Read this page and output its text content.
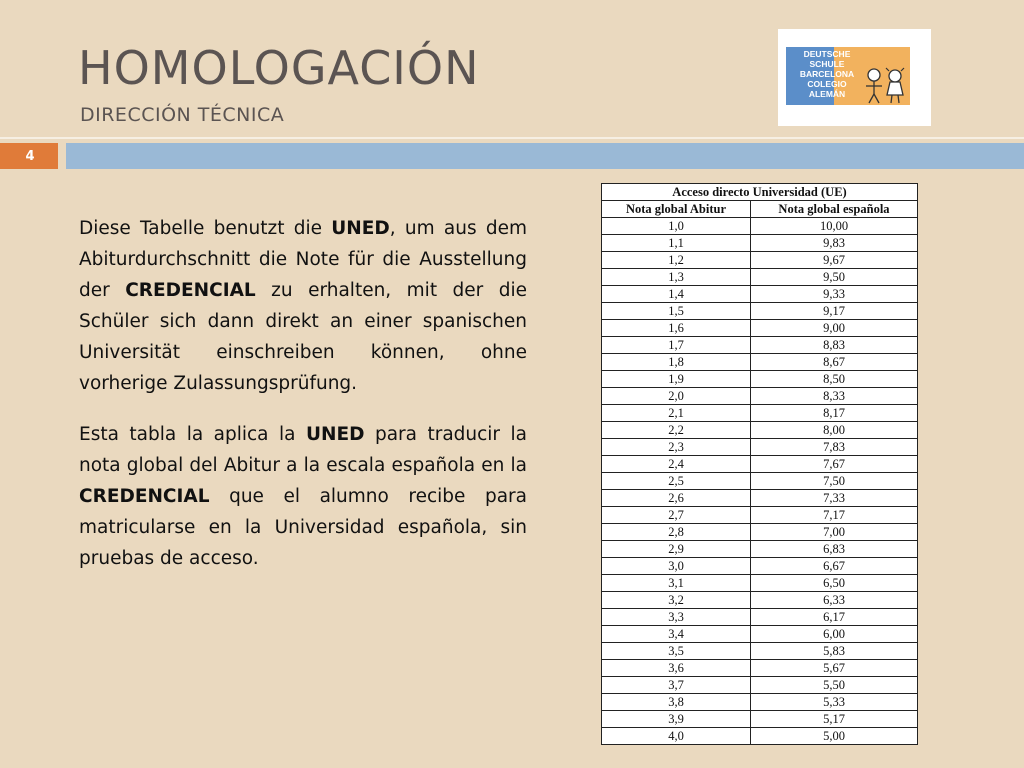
HOMOLOGACIÓN
DIRECCIÓN TÉCNICA
DEUTSCHE
SCHULE
BARCELONA
COLEGIO
ALEMÁN
4

Diese Tabelle benutzt die UNED, um aus dem Abiturdurchschnitt die Note für die Ausstellung der CREDENCIAL zu erhalten, mit der die Schüler sich dann direkt an einer spanischen Universität einschreiben können, ohne vorherige Zulassungsprüfung.

Esta tabla la aplica la UNED para traducir la nota global del Abitur a la escala española en la CREDENCIAL que el alumno recibe para matricularse en la Universidad española, sin pruebas de acceso.

Acceso directo Universidad (UE)	
Nota global Abitur	Nota global española
1,0	10,00
1,1	9,83
1,2	9,67
1,3	9,50
1,4	9,33
1,5	9,17
1,6	9,00
1,7	8,83
1,8	8,67
1,9	8,50
2,0	8,33
2,1	8,17
2,2	8,00
2,3	7,83
2,4	7,67
2,5	7,50
2,6	7,33
2,7	7,17
2,8	7,00
2,9	6,83
3,0	6,67
3,1	6,50
3,2	6,33
3,3	6,17
3,4	6,00
3,5	5,83
3,6	5,67
3,7	5,50
3,8	5,33
3,9	5,17
4,0	5,00
